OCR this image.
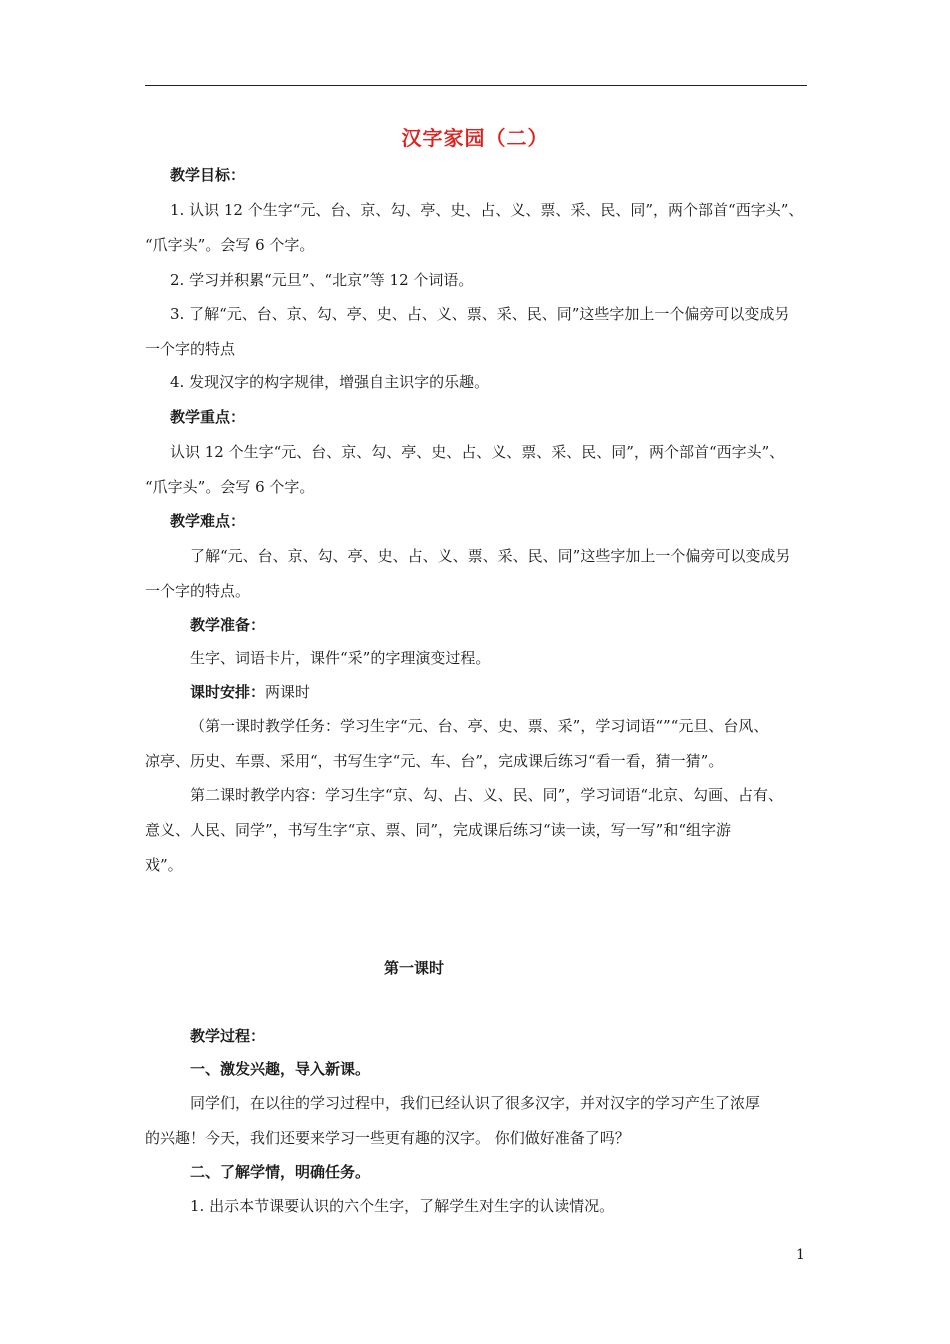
汉字家园（二）
教学目标：
1. 认识 12 个生字“元、台、京、勾、亭、史、占、义、票、采、民、同”，两个部首“西字头”、
“爪字头”。会写 6 个字。
2. 学习并积累“元旦”、“北京”等 12 个词语。
3. 了解“元、台、京、勾、亭、史、占、义、票、采、民、同”这些字加上一个偏旁可以变成另
一个字的特点
4. 发现汉字的构字规律，增强自主识字的乐趣。
教学重点：
认识 12 个生字“元、台、京、勾、亭、史、占、义、票、采、民、同”，两个部首“西字头”、
“爪字头”。会写 6 个字。
教学难点：
了解“元、台、京、勾、亭、史、占、义、票、采、民、同”这些字加上一个偏旁可以变成另
一个字的特点。
教学准备：
生字、词语卡片，课件“采”的字理演变过程。
课时安排：两课时
（第一课时教学任务：学习生字“元、台、亭、史、票、采”，学习词语“”“元旦、台风、
凉亭、历史、车票、采用“，书写生字“元、车、台”，完成课后练习“看一看，猜一猜”。
第二课时教学内容：学习生字“京、勾、占、义、民、同”，学习词语“北京、勾画、占有、
意义、人民、同学”，书写生字“京、票、同”，完成课后练习“读一读，写一写”和“组字游
戏”。
第一课时
教学过程：
一、激发兴趣，导入新课。
同学们，在以往的学习过程中，我们已经认识了很多汉字，并对汉字的学习产生了浓厚
的兴趣！今天，我们还要来学习一些更有趣的汉字。 你们做好准备了吗？
二、了解学情，明确任务。
1. 出示本节课要认识的六个生字，了解学生对生字的认读情况。
1
